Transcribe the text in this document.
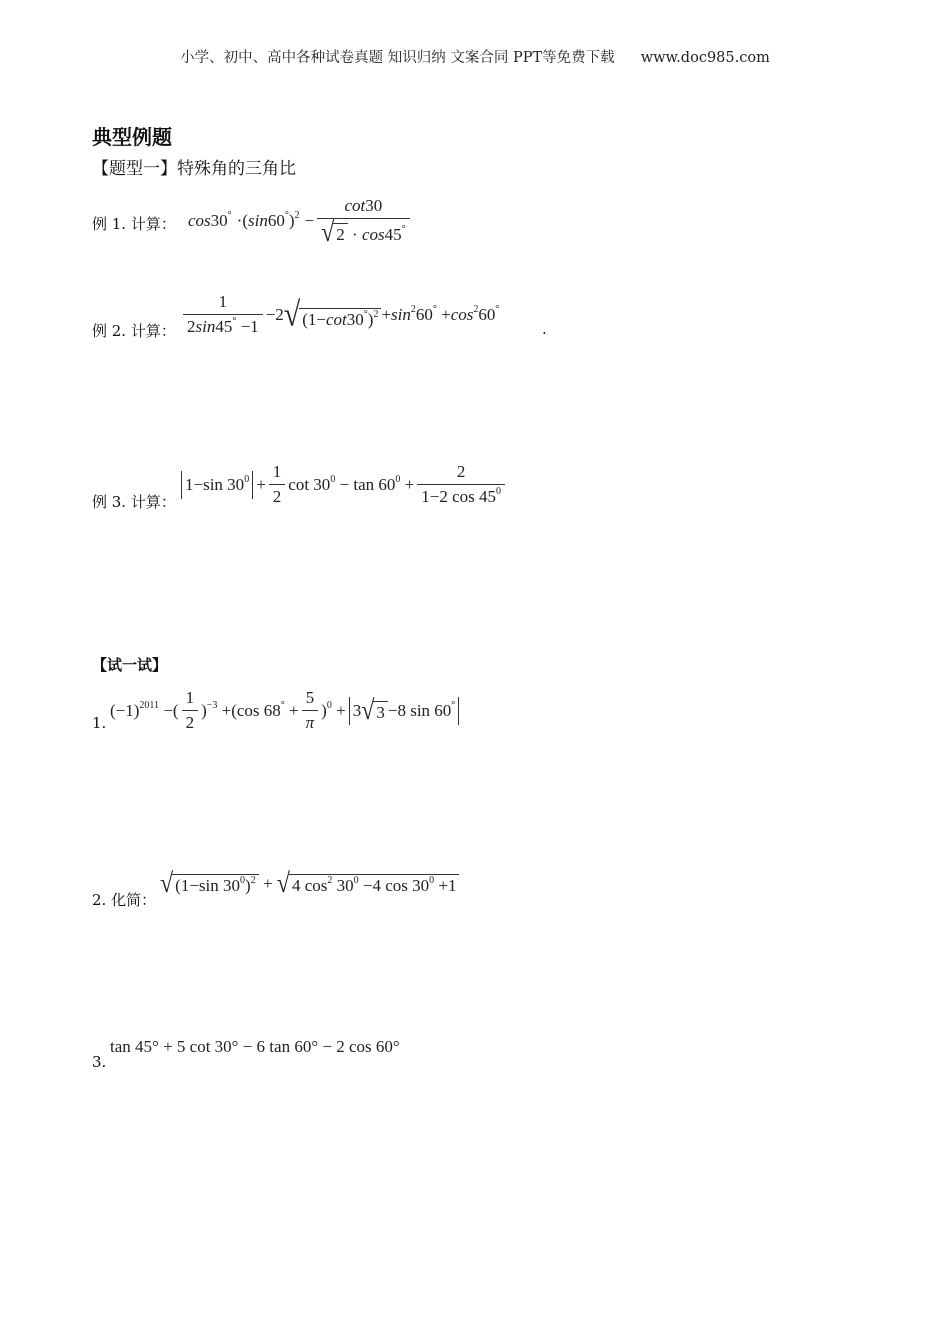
小学、初中、高中各种试卷真题 知识归纳 文案合同 PPT等免费下载 www.doc985.com
典型例题
【题型一】特殊角的三角比
例 1. 计算： $\cos 30^\circ \cdot(\sin 60^\circ)^2 - \frac{\cot 30}{√ 2 \cdot \cos 45^\circ}$
例 2. 计算： $\frac{1}{2\sin 45^\circ -1} -2$ √ $(1-\cot 30^\circ)^2 +\sin^260^\circ +\cos^260^\circ$
.
例 3. 计算：
1−sin $30^0 + \frac{1}{2}$ $\cot 30^0 - \tan 60^0 + \frac{2}{1-2 \cos 45^0}$
【试一试】
1.
$(-1)^{2011}$ −( $\frac{1}{2} )^{-3} +(\cos$ $68^\circ + \frac{5}{\pi} )^0 + 3$ √ 3 −8 sin 60°
2. 化简：
√ (1−sin $30^0)^2$ + √ 4 $\cos^2 30^0 -4$ $\cos 30^0 +1$
3.
tan 45° + 5 cot 30° − 6 tan 60° − 2 cos 60°
